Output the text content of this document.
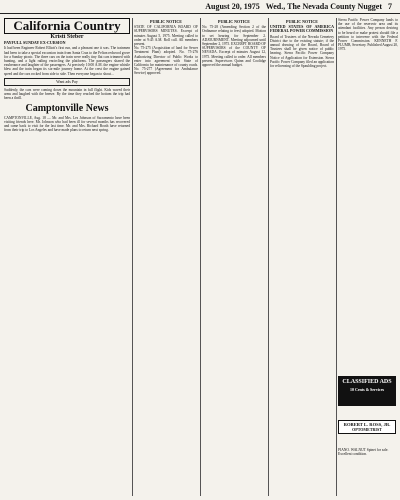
August 20, 1975 Wed., The Nevada County Nugget 7
California Country
Kristi Steber
PAYFULL SUNDAY EX-CURSION
It had been Engineer Robert Elliott's first run, and a pleasant one it was. The trainmen had been to take a special excursion train from Santa Cruz to the Felton redwood grove for a Sunday picnic. The three cars on the train were really tiny flat cars trimmed with bunting, and a light railing encircling the platforms. The passengers shared the exuberance and laughter of the passengers. At precisely 10:00 A.M. the engine whistle blew and the train began its six-mile journey home. At the crest the engine gained speed and the cars rocked from side to side. Then everyone began to shout...
Want ads Pay
Suddenly, the cars were coming down the mountain in full flight. Kids waved their arms and laughed with the breeze. By the time they reached the bottom the trip had been a thrill.
Camptonville News
CAMPTONVILLE, Aug. 18 — Mr. and Mrs. Les Johnson of Sacramento have been visiting friends here. Mr. Johnson who had been ill for several months has recovered and came back to visit for the last time. Mr. and Mrs. Richard Booth have returned from their trip to Los Angeles and have made plans to return next spring.
PUBLIC NOTICE
STATE OF CALIFORNIA BOARD OF SUPERVISORS MINUTES. Excerpt of minutes August 5, 1975. Meeting called to order at 9:45 A.M. Roll call. All members present.
No. 75-275 (Acquisition of land for Sewer Treatment Plant) adopted. No. 75-276 Authorizing Director of Public Works to enter into agreement with State of California for maintenance of county roads. No. 75-277 (Agreement for Ambulance Service) approved.
PUBLIC NOTICE
No. 75-28 (Amending Section 2 of the Ordinance relating to fees) adopted. Motion to set hearing for September 2. ADJOURNMENT. Meeting adjourned until September 2, 1975. EXCERPT BOARD OF SUPERVISORS of the COUNTY OF NEVADA. Excerpt of minutes August 12, 1975. Meeting called to order. All members present. Supervisors Quinn and Coolidge approved the annual budget.
PUBLIC NOTICE
UNITED STATES OF AMERICA FEDERAL POWER COMMISSION
Board of Trustees of the Nevada Cemetery District due to the existing statute; if the annual drawing of the Board, Board of Trustees shall be given notice of public hearing. Sierra Pacific Power Company Notice of Application for Extension. Sierra Pacific Power Company filed an application for relicensing of the Spaulding project.
Sierra Pacific Power Company lands to the use of the reservoir area and its attendant facilities. Any person desiring to be heard or make protest should file a petition to intervene with the Federal Power Commission. KENNETH F. PLUMB, Secretary. Published August 20, 1975.
CLASSIFIED ADS
10 Cents & Services
ROBERT L. ROSS, JR.
OPTOMETRIST
PIANO. WALNUT Spinet for sale. Excellent condition.
